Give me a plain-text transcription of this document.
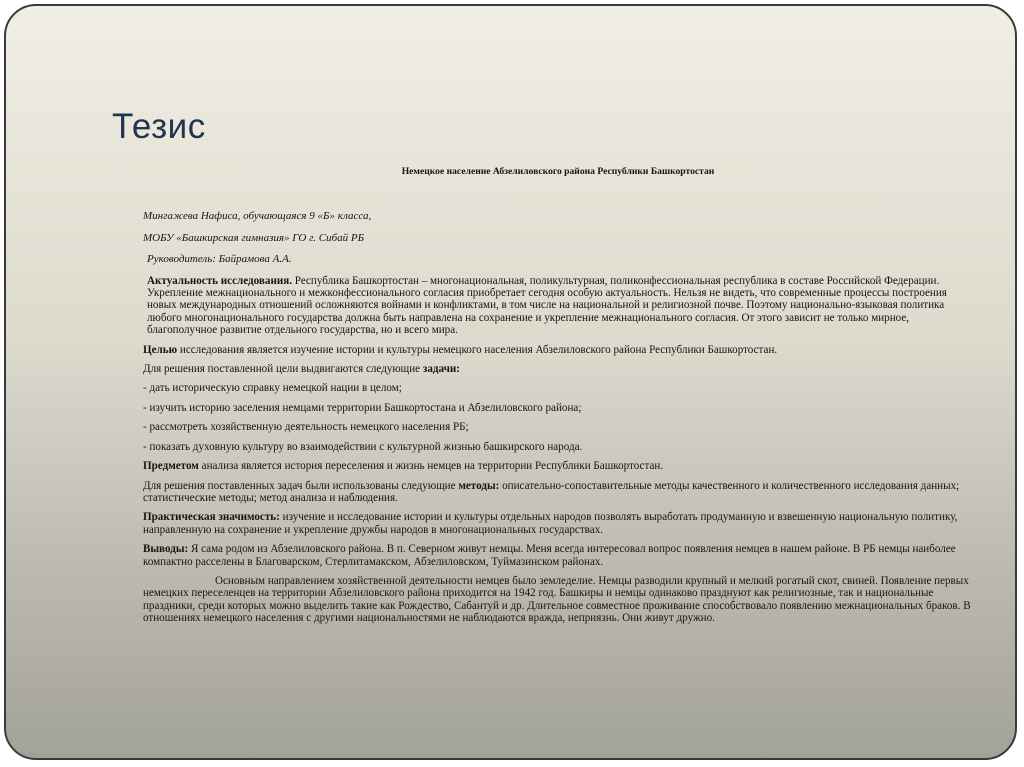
Тезис
Немецкое население Абзелиловского района Республики Башкортостан
Мингажева Нафиса, обучающаяся 9 «Б» класса,
МОБУ «Башкирская гимназия» ГО г. Сибай РБ
Руководитель: Байрамова А.А.

Актуальность исследования. Республика Башкортостан – многонациональная, поликультурная, поликонфессиональная республика в составе Российской Федерации. Укрепление межнационального и межконфессионального согласия приобретает сегодня особую актуальность. Нельзя не видеть, что современные процессы построения новых международных отношений осложняются войнами и конфликтами, в том числе на национальной и религиозной почве. Поэтому национально-языковая политика любого многонационального государства должна быть направлена на сохранение и укрепление межнационального согласия. От этого зависит не только мирное, благополучное развитие отдельного государства, но и всего мира.

Целью исследования является изучение истории и культуры немецкого населения Абзелиловского района Республики Башкортостан.

Для решения поставленной цели выдвигаются следующие задачи:

- дать историческую справку немецкой нации в целом;

- изучить историю заселения немцами территории Башкортостана и Абзелиловского района;

- рассмотреть хозяйственную деятельность немецкого населения РБ;

- показать духовную культуру во взаимодействии с культурной жизнью башкирского народа.

Предметом анализа является история переселения и жизнь немцев на территории Республики Башкортостан.

Для решения поставленных задач были использованы следующие методы: описательно-сопоставительные методы качественного и количественного исследования данных; статистические методы; метод анализа и наблюдения.

Практическая значимость: изучение и исследование истории и культуры отдельных народов позволять выработать продуманную и взвешенную национальную политику, направленную на сохранение и укрепление дружбы народов в многонациональных государствах.

Выводы: Я сама родом из Абзелиловского района. В п. Северном живут немцы. Меня всегда интересовал вопрос появления немцев в нашем районе. В РБ немцы наиболее компактно расселены в Благоварском, Стерлитамакском, Абзелиловском, Туймазинском районах.

Основным направлением хозяйственной деятельности немцев было земледелие. Немцы разводили крупный и мелкий рогатый скот, свиней. Появление первых немецких переселенцев на территории Абзелиловского района приходится на 1942 год. Башкиры и немцы одинаково празднуют как религиозные, так и национальные праздники, среди которых можно выделить такие как Рождество, Сабантуй и др. Длительное совместное проживание способствовало появлению межнациональных браков. В отношениях немецкого населения с другими национальностями не наблюдаются вражда, неприязнь. Они живут дружно.
